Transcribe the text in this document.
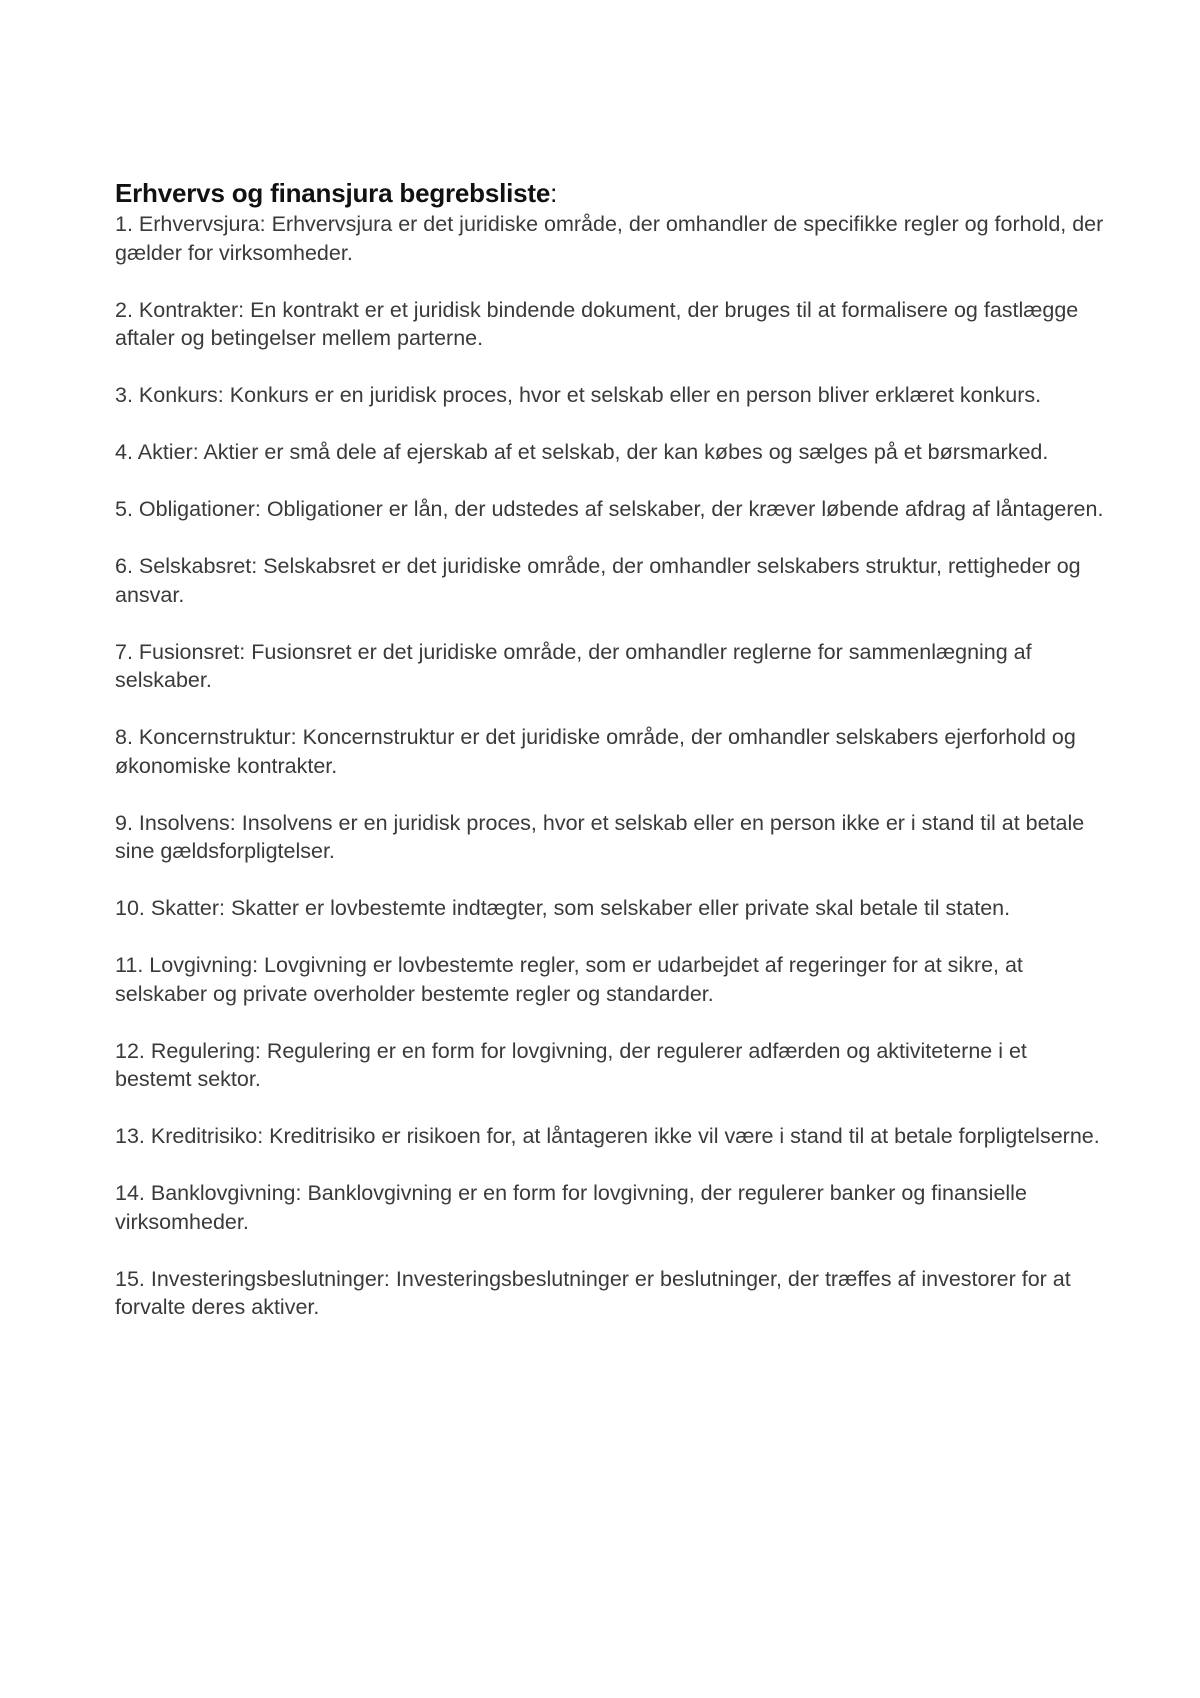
Erhvervs og finansjura begrebsliste:
1. Erhvervsjura: Erhvervsjura er det juridiske område, der omhandler de specifikke regler og forhold, der gælder for virksomheder.
2. Kontrakter: En kontrakt er et juridisk bindende dokument, der bruges til at formalisere og fastlægge aftaler og betingelser mellem parterne.
3. Konkurs: Konkurs er en juridisk proces, hvor et selskab eller en person bliver erklæret konkurs.
4. Aktier: Aktier er små dele af ejerskab af et selskab, der kan købes og sælges på et børsmarked.
5. Obligationer: Obligationer er lån, der udstedes af selskaber, der kræver løbende afdrag af låntageren.
6. Selskabsret: Selskabsret er det juridiske område, der omhandler selskabers struktur, rettigheder og ansvar.
7. Fusionsret: Fusionsret er det juridiske område, der omhandler reglerne for sammenlægning af selskaber.
8. Koncernstruktur: Koncernstruktur er det juridiske område, der omhandler selskabers ejerforhold og økonomiske kontrakter.
9. Insolvens: Insolvens er en juridisk proces, hvor et selskab eller en person ikke er i stand til at betale sine gældsforpligtelser.
10. Skatter: Skatter er lovbestemte indtægter, som selskaber eller private skal betale til staten.
11. Lovgivning: Lovgivning er lovbestemte regler, som er udarbejdet af regeringer for at sikre, at selskaber og private overholder bestemte regler og standarder.
12. Regulering: Regulering er en form for lovgivning, der regulerer adfærden og aktiviteterne i et bestemt sektor.
13. Kreditrisiko: Kreditrisiko er risikoen for, at låntageren ikke vil være i stand til at betale forpligtelserne.
14. Banklovgivning: Banklovgivning er en form for lovgivning, der regulerer banker og finansielle virksomheder.
15. Investeringsbeslutninger: Investeringsbeslutninger er beslutninger, der træffes af investorer for at forvalte deres aktiver.
